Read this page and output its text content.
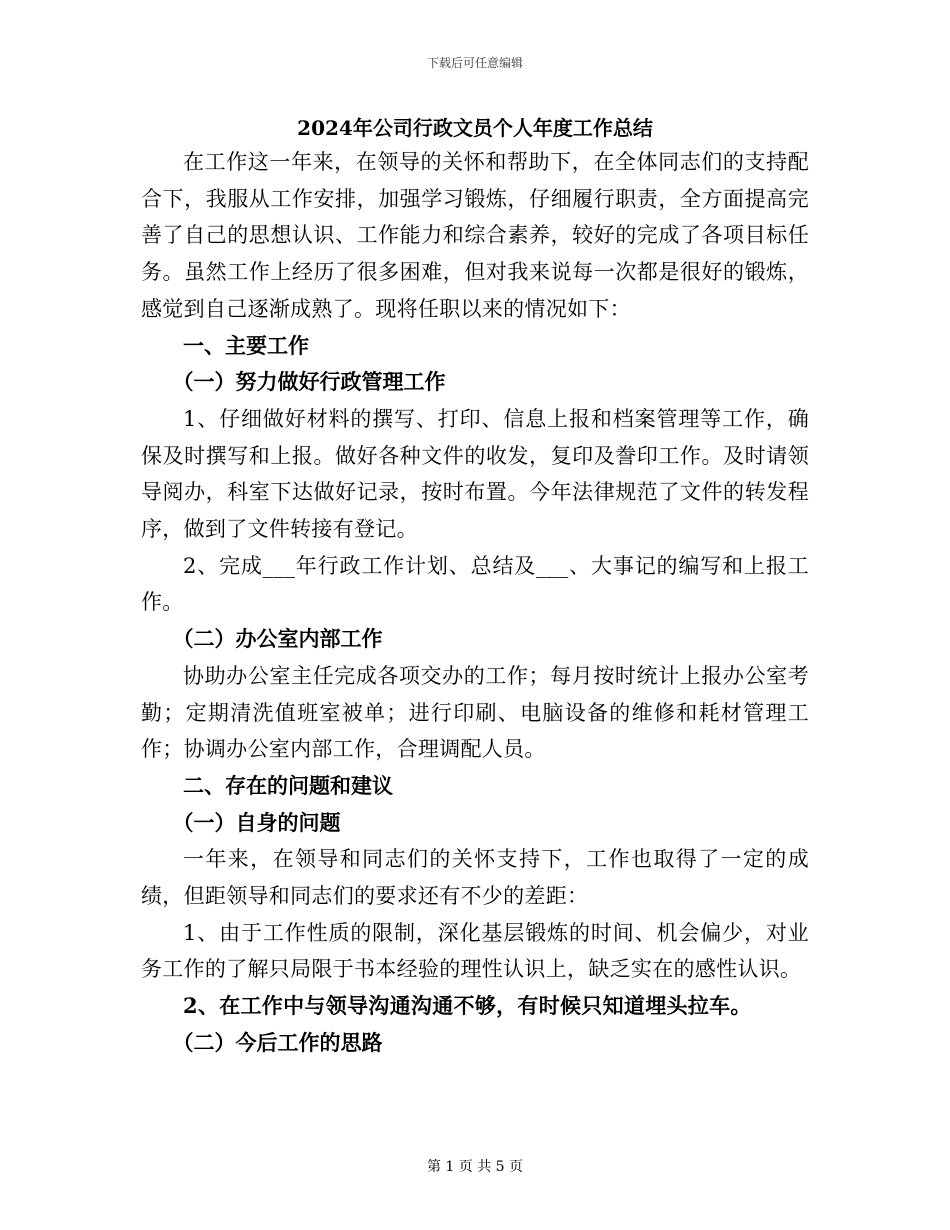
下载后可任意编辑
2024年公司行政文员个人年度工作总结

在工作这一年来，在领导的关怀和帮助下，在全体同志们的支持配合下，我服从工作安排，加强学习锻炼，仔细履行职责，全方面提高完善了自己的思想认识、工作能力和综合素养，较好的完成了各项目标任务。虽然工作上经历了很多困难，但对我来说每一次都是很好的锻炼，感觉到自己逐渐成熟了。现将任职以来的情况如下：

一、主要工作

（一）努力做好行政管理工作

1、仔细做好材料的撰写、打印、信息上报和档案管理等工作，确保及时撰写和上报。做好各种文件的收发，复印及誊印工作。及时请领导阅办，科室下达做好记录，按时布置。今年法律规范了文件的转发程序，做到了文件转接有登记。

2、完成___年行政工作计划、总结及___、大事记的编写和上报工作。

（二）办公室内部工作

协助办公室主任完成各项交办的工作；每月按时统计上报办公室考勤；定期清洗值班室被单；进行印刷、电脑设备的维修和耗材管理工作；协调办公室内部工作，合理调配人员。

二、存在的问题和建议

（一）自身的问题

一年来，在领导和同志们的关怀支持下，工作也取得了一定的成绩，但距领导和同志们的要求还有不少的差距：

1、由于工作性质的限制，深化基层锻炼的时间、机会偏少，对业务工作的了解只局限于书本经验的理性认识上，缺乏实在的感性认识。

2、在工作中与领导沟通沟通不够，有时候只知道埋头拉车。

（二）今后工作的思路

第 1 页 共 5 页
